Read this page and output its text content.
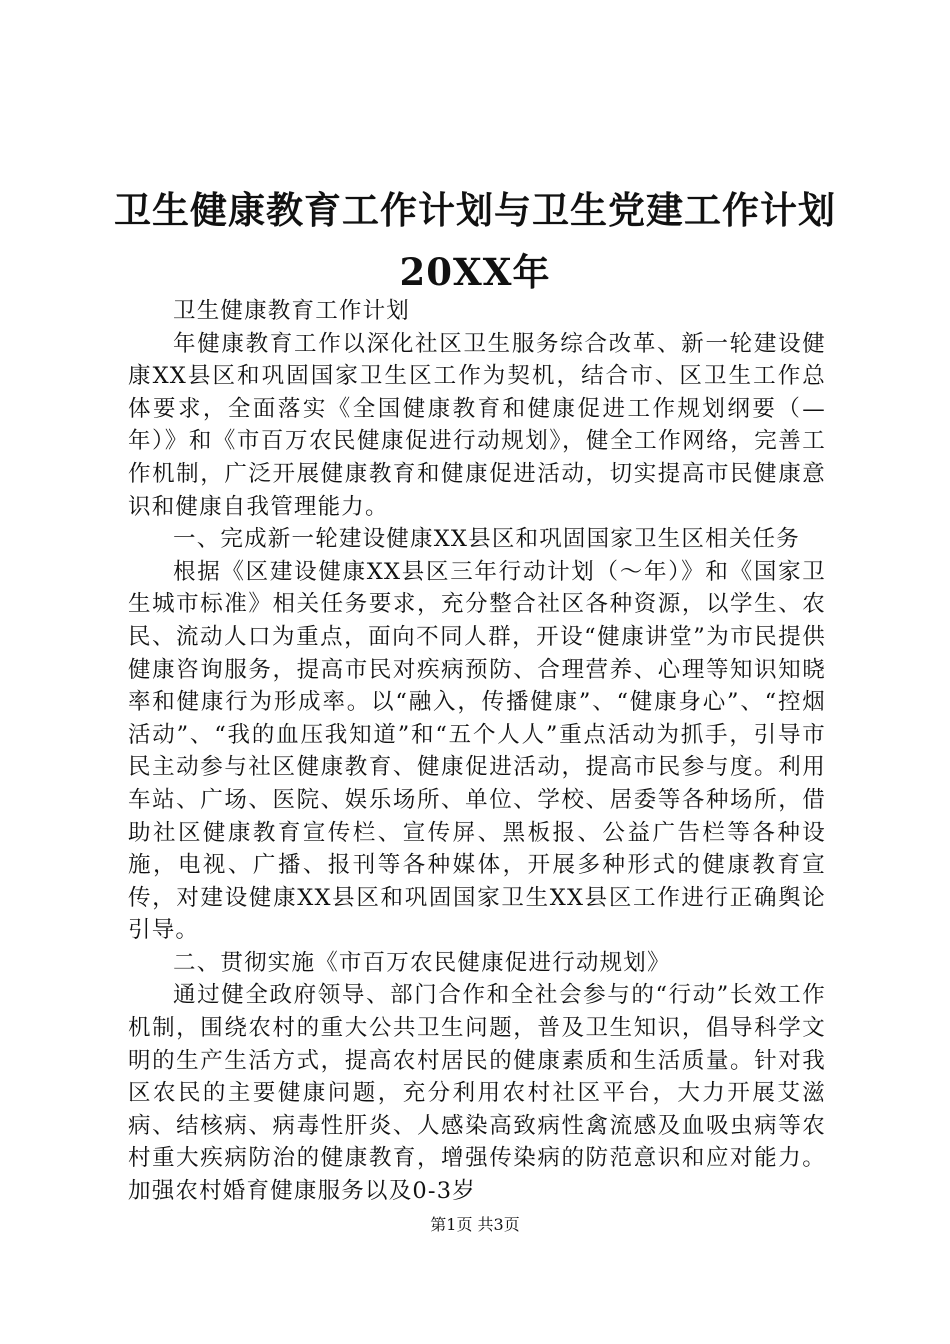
卫生健康教育工作计划与卫生党建工作计划
20XX年

卫生健康教育工作计划

年健康教育工作以深化社区卫生服务综合改革、新一轮建设健康XX县区和巩固国家卫生区工作为契机，结合市、区卫生工作总体要求，全面落实《全国健康教育和健康促进工作规划纲要（—年）》和《市百万农民健康促进行动规划》，健全工作网络，完善工作机制，广泛开展健康教育和健康促进活动，切实提高市民健康意识和健康自我管理能力。

一、完成新一轮建设健康XX县区和巩固国家卫生区相关任务

根据《区建设健康XX县区三年行动计划（～年）》和《国家卫生城市标准》相关任务要求，充分整合社区各种资源，以学生、农民、流动人口为重点，面向不同人群，开设“健康讲堂”为市民提供健康咨询服务，提高市民对疾病预防、合理营养、心理等知识知晓率和健康行为形成率。以“融入，传播健康”、“健康身心”、“控烟活动”、“我的血压我知道”和“五个人人”重点活动为抓手，引导市民主动参与社区健康教育、健康促进活动，提高市民参与度。利用车站、广场、医院、娱乐场所、单位、学校、居委等各种场所，借助社区健康教育宣传栏、宣传屏、黑板报、公益广告栏等各种设施，电视、广播、报刊等各种媒体，开展多种形式的健康教育宣传，对建设健康XX县区和巩固国家卫生XX县区工作进行正确舆论引导。

二、贯彻实施《市百万农民健康促进行动规划》

通过健全政府领导、部门合作和全社会参与的“行动”长效工作机制，围绕农村的重大公共卫生问题，普及卫生知识，倡导科学文明的生产生活方式，提高农村居民的健康素质和生活质量。针对我区农民的主要健康问题，充分利用农村社区平台，大力开展艾滋病、结核病、病毒性肝炎、人感染高致病性禽流感及血吸虫病等农村重大疾病防治的健康教育，增强传染病的防范意识和应对能力。加强农村婚育健康服务以及0-3岁

第1页 共3页
